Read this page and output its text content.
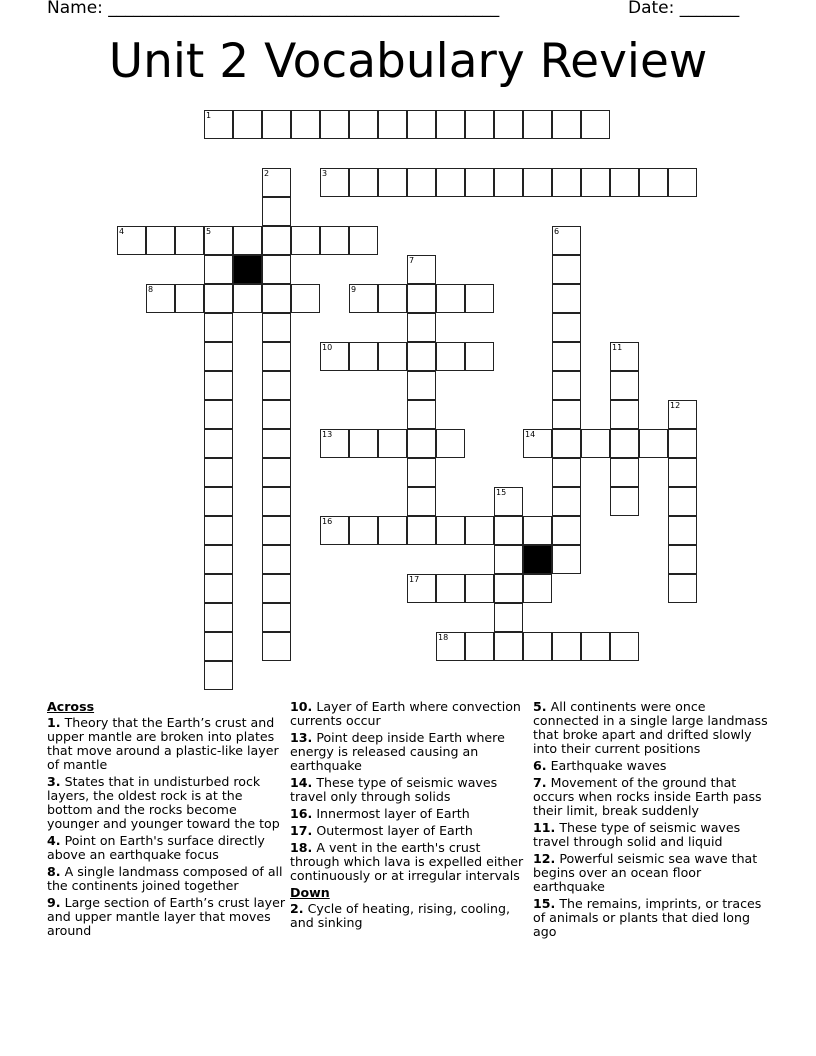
Name: ______________________________________________	Date: _______
Unit 2 Vocabulary Review
1
2	3
4	5	6
7
8	9
10	11
12
13	14
15
16
17
18
Across
1. Theory that the Earth’s crust and upper mantle are broken into plates that move around a plastic-like layer of mantle
3. States that in undisturbed rock layers, the oldest rock is at the bottom and the rocks become younger and younger toward the top
4. Point on Earth's surface directly above an earthquake focus
8. A single landmass composed of all the continents joined together
9. Large section of Earth’s crust layer and upper mantle layer that moves around
10. Layer of Earth where convection currents occur
13. Point deep inside Earth where energy is released causing an earthquake
14. These type of seismic waves travel only through solids
16. Innermost layer of Earth
17. Outermost layer of Earth
18. A vent in the earth's crust through which lava is expelled either continuously or at irregular intervals
Down
2. Cycle of heating, rising, cooling, and sinking
5. All continents were once connected in a single large landmass that broke apart and drifted slowly into their current positions
6. Earthquake waves
7. Movement of the ground that occurs when rocks inside Earth pass their limit, break suddenly
11. These type of seismic waves travel through solid and liquid
12. Powerful seismic sea wave that begins over an ocean floor earthquake
15. The remains, imprints, or traces of animals or plants that died long ago
